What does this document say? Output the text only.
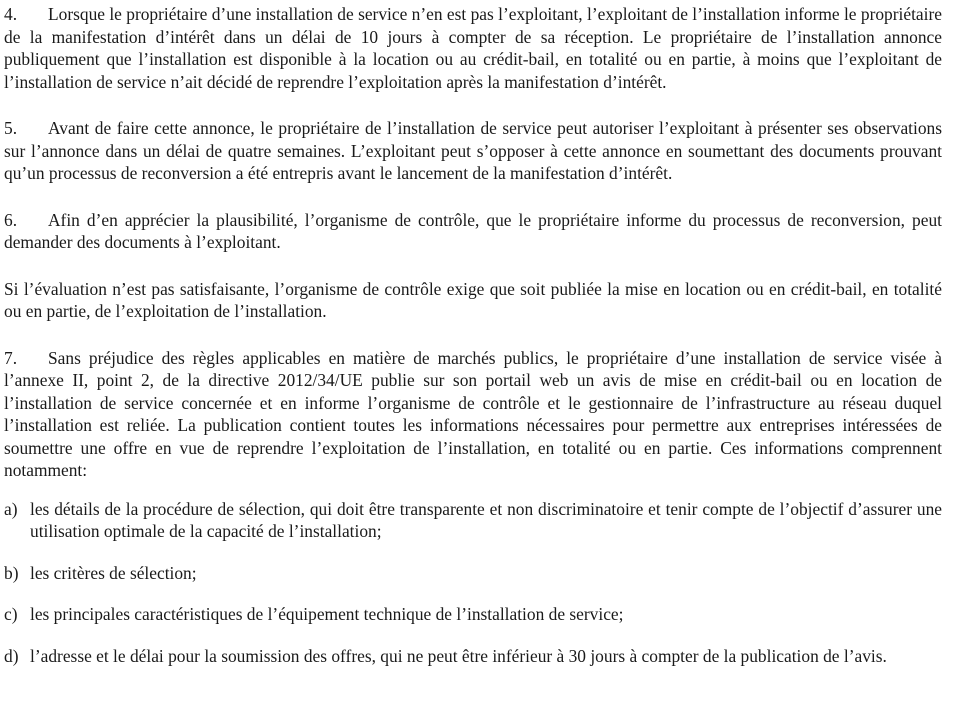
4. Lorsque le propriétaire d’une installation de service n’en est pas l’exploitant, l’exploitant de l’installation informe le propriétaire de la manifestation d’intérêt dans un délai de 10 jours à compter de sa réception. Le propriétaire de l’installation annonce publiquement que l’installation est disponible à la location ou au crédit-bail, en totalité ou en partie, à moins que l’exploitant de l’installation de service n’ait décidé de reprendre l’exploitation après la manifestation d’intérêt.

5. Avant de faire cette annonce, le propriétaire de l’installation de service peut autoriser l’exploitant à présenter ses observations sur l’annonce dans un délai de quatre semaines. L’exploitant peut s’opposer à cette annonce en soumettant des documents prouvant qu’un processus de reconversion a été entrepris avant le lancement de la manifestation d’intérêt.

6. Afin d’en apprécier la plausibilité, l’organisme de contrôle, que le propriétaire informe du processus de reconversion, peut demander des documents à l’exploitant.

Si l’évaluation n’est pas satisfaisante, l’organisme de contrôle exige que soit publiée la mise en location ou en crédit-bail, en totalité ou en partie, de l’exploitation de l’installation.

7. Sans préjudice des règles applicables en matière de marchés publics, le propriétaire d’une installation de service visée à l’annexe II, point 2, de la directive 2012/34/UE publie sur son portail web un avis de mise en crédit-bail ou en location de l’installation de service concernée et en informe l’organisme de contrôle et le gestionnaire de l’infrastructure au réseau duquel l’installation est reliée. La publication contient toutes les informations nécessaires pour permettre aux entreprises intéressées de soumettre une offre en vue de reprendre l’exploitation de l’installation, en totalité ou en partie. Ces informations comprennent notamment:

a) les détails de la procédure de sélection, qui doit être transparente et non discriminatoire et tenir compte de l’objectif d’assurer une utilisation optimale de la capacité de l’installation;
b) les critères de sélection;
c) les principales caractéristiques de l’équipement technique de l’installation de service;
d) l’adresse et le délai pour la soumission des offres, qui ne peut être inférieur à 30 jours à compter de la publication de l’avis.
